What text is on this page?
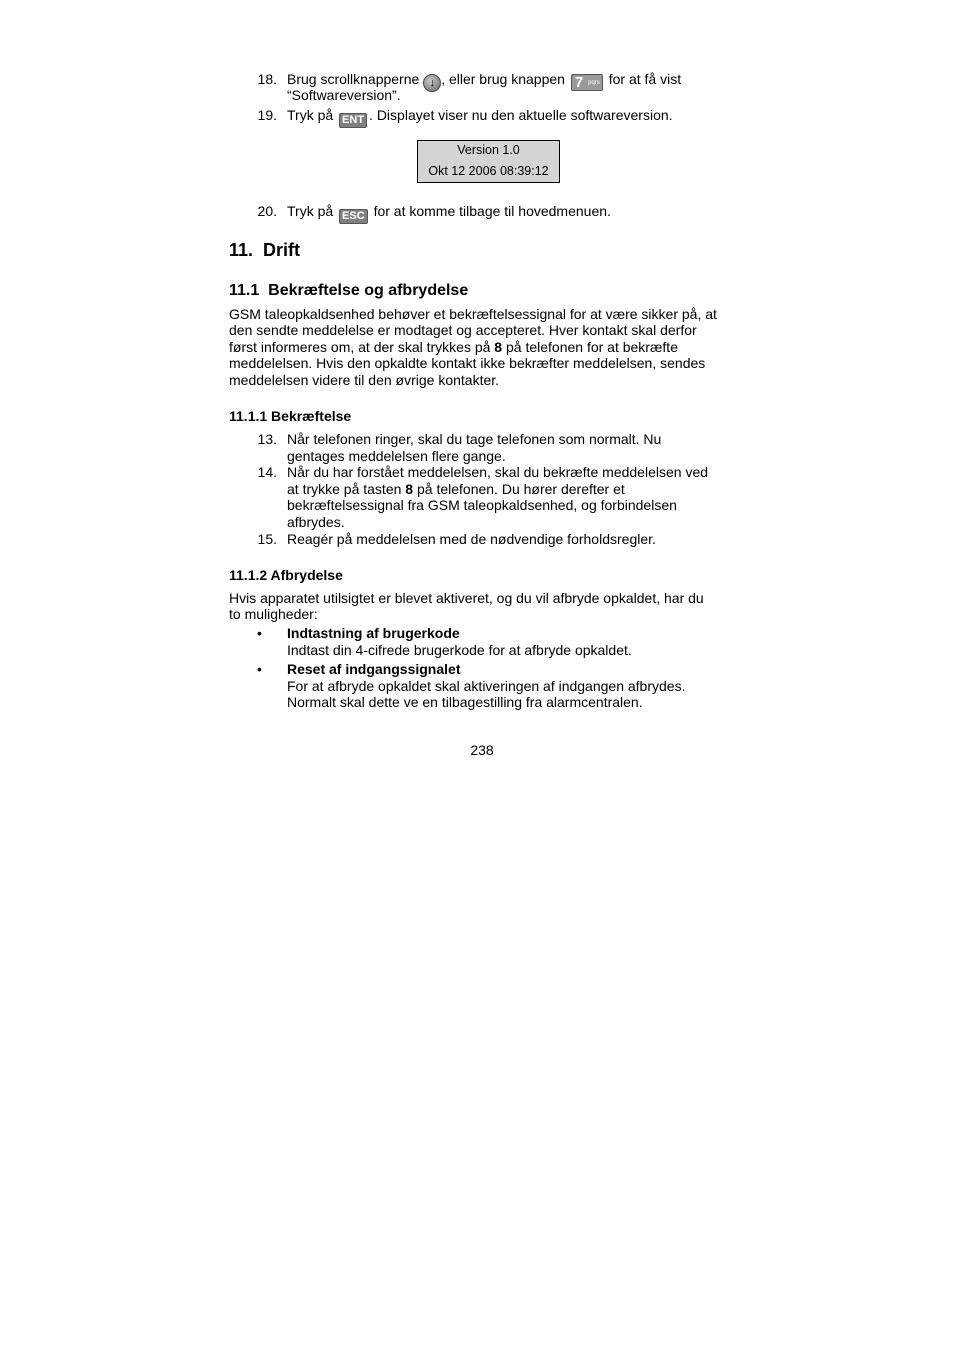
18. Brug scrollknapperne ↓ , eller brug knappen 7 pqrs for at få vist
“Softwareversion”.
19. Tryk på ENT . Displayet viser nu den aktuelle softwareversion.
Version 1.0
Okt 12 2006 08:39:12
20. Tryk på ESC for at komme tilbage til hovedmenuen.
11.  Drift
11.1  Bekræftelse og afbrydelse
GSM taleopkaldsenhed behøver et bekræftelsessignal for at være sikker på, at
den sendte meddelelse er modtaget og accepteret. Hver kontakt skal derfor
først informeres om, at der skal trykkes på 8 på telefonen for at bekræfte
meddelelsen. Hvis den opkaldte kontakt ikke bekræfter meddelelsen, sendes
meddelelsen videre til den øvrige kontakter.
11.1.1 Bekræftelse
13. Når telefonen ringer, skal du tage telefonen som normalt. Nu
gentages meddelelsen flere gange.
14. Når du har forstået meddelelsen, skal du bekræfte meddelelsen ved
at trykke på tasten 8 på telefonen. Du hører derefter et
bekræftelsessignal fra GSM taleopkaldsenhed, og forbindelsen
afbrydes.
15. Reagér på meddelelsen med de nødvendige forholdsregler.
11.1.2 Afbrydelse
Hvis apparatet utilsigtet er blevet aktiveret, og du vil afbryde opkaldet, har du
to muligheder:
• Indtastning af brugerkode
Indtast din 4-cifrede brugerkode for at afbryde opkaldet.
• Reset af indgangssignalet
For at afbryde opkaldet skal aktiveringen af indgangen afbrydes.
Normalt skal dette ve en tilbagestilling fra alarmcentralen.
238
